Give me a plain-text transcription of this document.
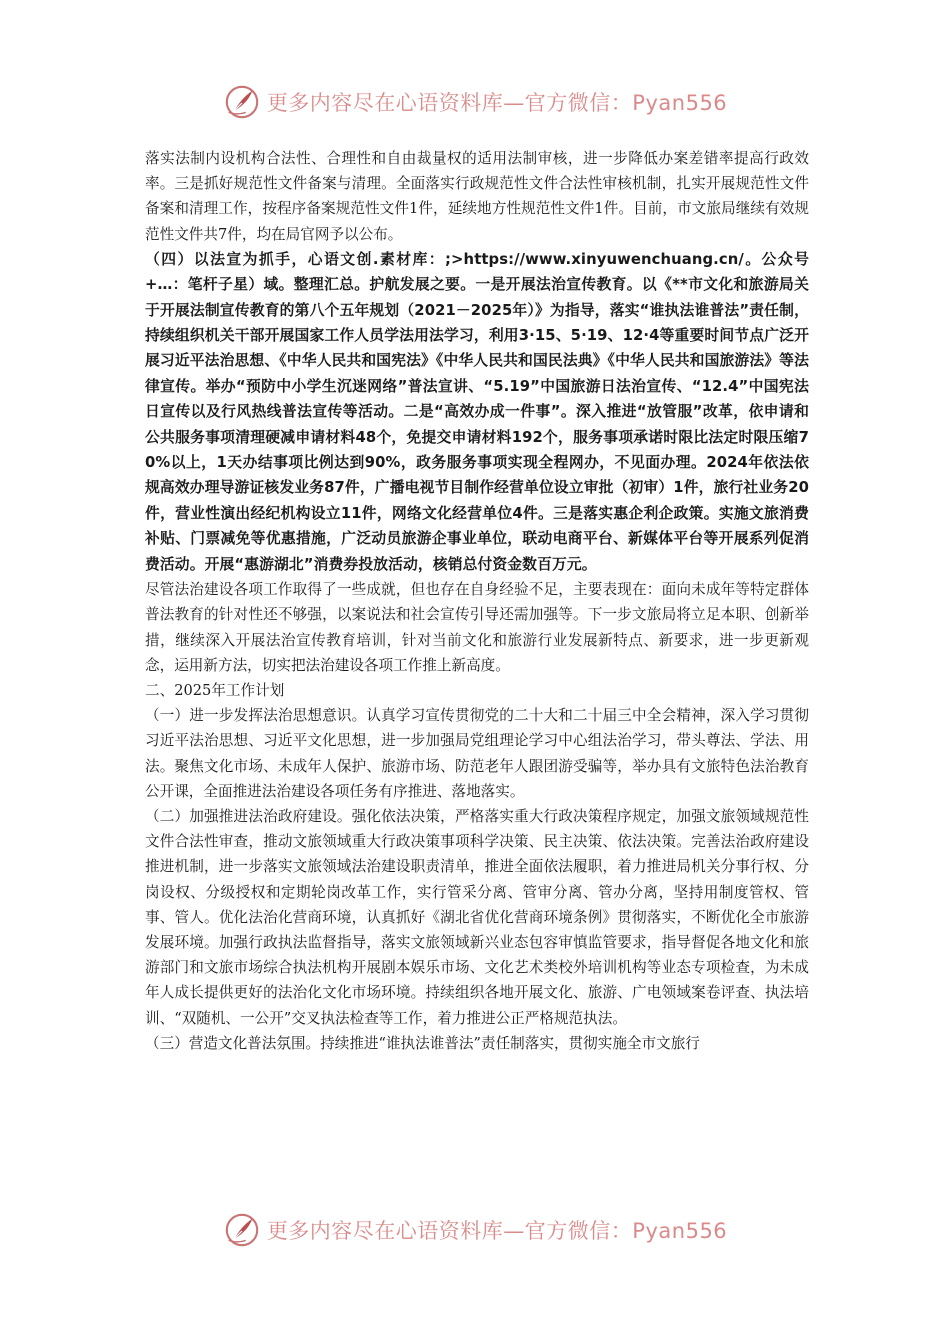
更多内容尽在心语资料库—官方微信：Pyan556

落实法制内设机构合法性、合理性和自由裁量权的适用法制审核，进一步降低办案差错率提高行政效率。三是抓好规范性文件备案与清理。全面落实行政规范性文件合法性审核机制，扎实开展规范性文件备案和清理工作，按程序备案规范性文件1件，延续地方性规范性文件1件。目前，市文旅局继续有效规范性文件共7件，均在局官网予以公布。

（四）以法宣为抓手，心语文创.素材库：;>https://www.xinyuwenchuang.cn/。公众号+…：笔杆子星）域。整理汇总。护航发展之要。一是开展法治宣传教育。以《**市文化和旅游局关于开展法制宣传教育的第八个五年规划（2021－2025年）》为指导，落实“谁执法谁普法”责任制，持续组织机关干部开展国家工作人员学法用法学习，利用3·15、5·19、12·4等重要时间节点广泛开展习近平法治思想、《中华人民共和国宪法》《中华人民共和国民法典》《中华人民共和国旅游法》等法律宣传。举办“预防中小学生沉迷网络”普法宣讲、“5.19”中国旅游日法治宣传、“12.4”中国宪法日宣传以及行风热线普法宣传等活动。二是“高效办成一件事”。深入推进“放管服”改革，依申请和公共服务事项清理硬减申请材料48个，免提交申请材料192个，服务事项承诺时限比法定时限压缩70%以上，1天办结事项比例达到90%，政务服务事项实现全程网办，不见面办理。2024年依法依规高效办理导游证核发业务87件，广播电视节目制作经营单位设立审批（初审）1件，旅行社业务20件，营业性演出经纪机构设立11件，网络文化经营单位4件。三是落实惠企利企政策。实施文旅消费补贴、门票减免等优惠措施，广泛动员旅游企事业单位，联动电商平台、新媒体平台等开展系列促消费活动。开展“惠游湖北”消费券投放活动，核销总付资金数百万元。

尽管法治建设各项工作取得了一些成就，但也存在自身经验不足，主要表现在：面向未成年等特定群体普法教育的针对性还不够强，以案说法和社会宣传引导还需加强等。下一步文旅局将立足本职、创新举措，继续深入开展法治宣传教育培训，针对当前文化和旅游行业发展新特点、新要求，进一步更新观念，运用新方法，切实把法治建设各项工作推上新高度。

二、2025年工作计划

（一）进一步发挥法治思想意识。认真学习宣传贯彻党的二十大和二十届三中全会精神，深入学习贯彻习近平法治思想、习近平文化思想，进一步加强局党组理论学习中心组法治学习，带头尊法、学法、用法。聚焦文化市场、未成年人保护、旅游市场、防范老年人跟团游受骗等，举办具有文旅特色法治教育公开课，全面推进法治建设各项任务有序推进、落地落实。

（二）加强推进法治政府建设。强化依法决策，严格落实重大行政决策程序规定，加强文旅领域规范性文件合法性审查，推动文旅领域重大行政决策事项科学决策、民主决策、依法决策。完善法治政府建设推进机制，进一步落实文旅领域法治建设职责清单，推进全面依法履职，着力推进局机关分事行权、分岗设权、分级授权和定期轮岗改革工作，实行管采分离、管审分离、管办分离，坚持用制度管权、管事、管人。优化法治化营商环境，认真抓好《湖北省优化营商环境条例》贯彻落实，不断优化全市旅游发展环境。加强行政执法监督指导，落实文旅领域新兴业态包容审慎监管要求，指导督促各地文化和旅游部门和文旅市场综合执法机构开展剧本娱乐市场、文化艺术类校外培训机构等业态专项检查，为未成年人成长提供更好的法治化文化市场环境。持续组织各地开展文化、旅游、广电领域案卷评查、执法培训、“双随机、一公开”交叉执法检查等工作，着力推进公正严格规范执法。

（三）营造文化普法氛围。持续推进“谁执法谁普法”责任制落实，贯彻实施全市文旅行

更多内容尽在心语资料库—官方微信：Pyan556
